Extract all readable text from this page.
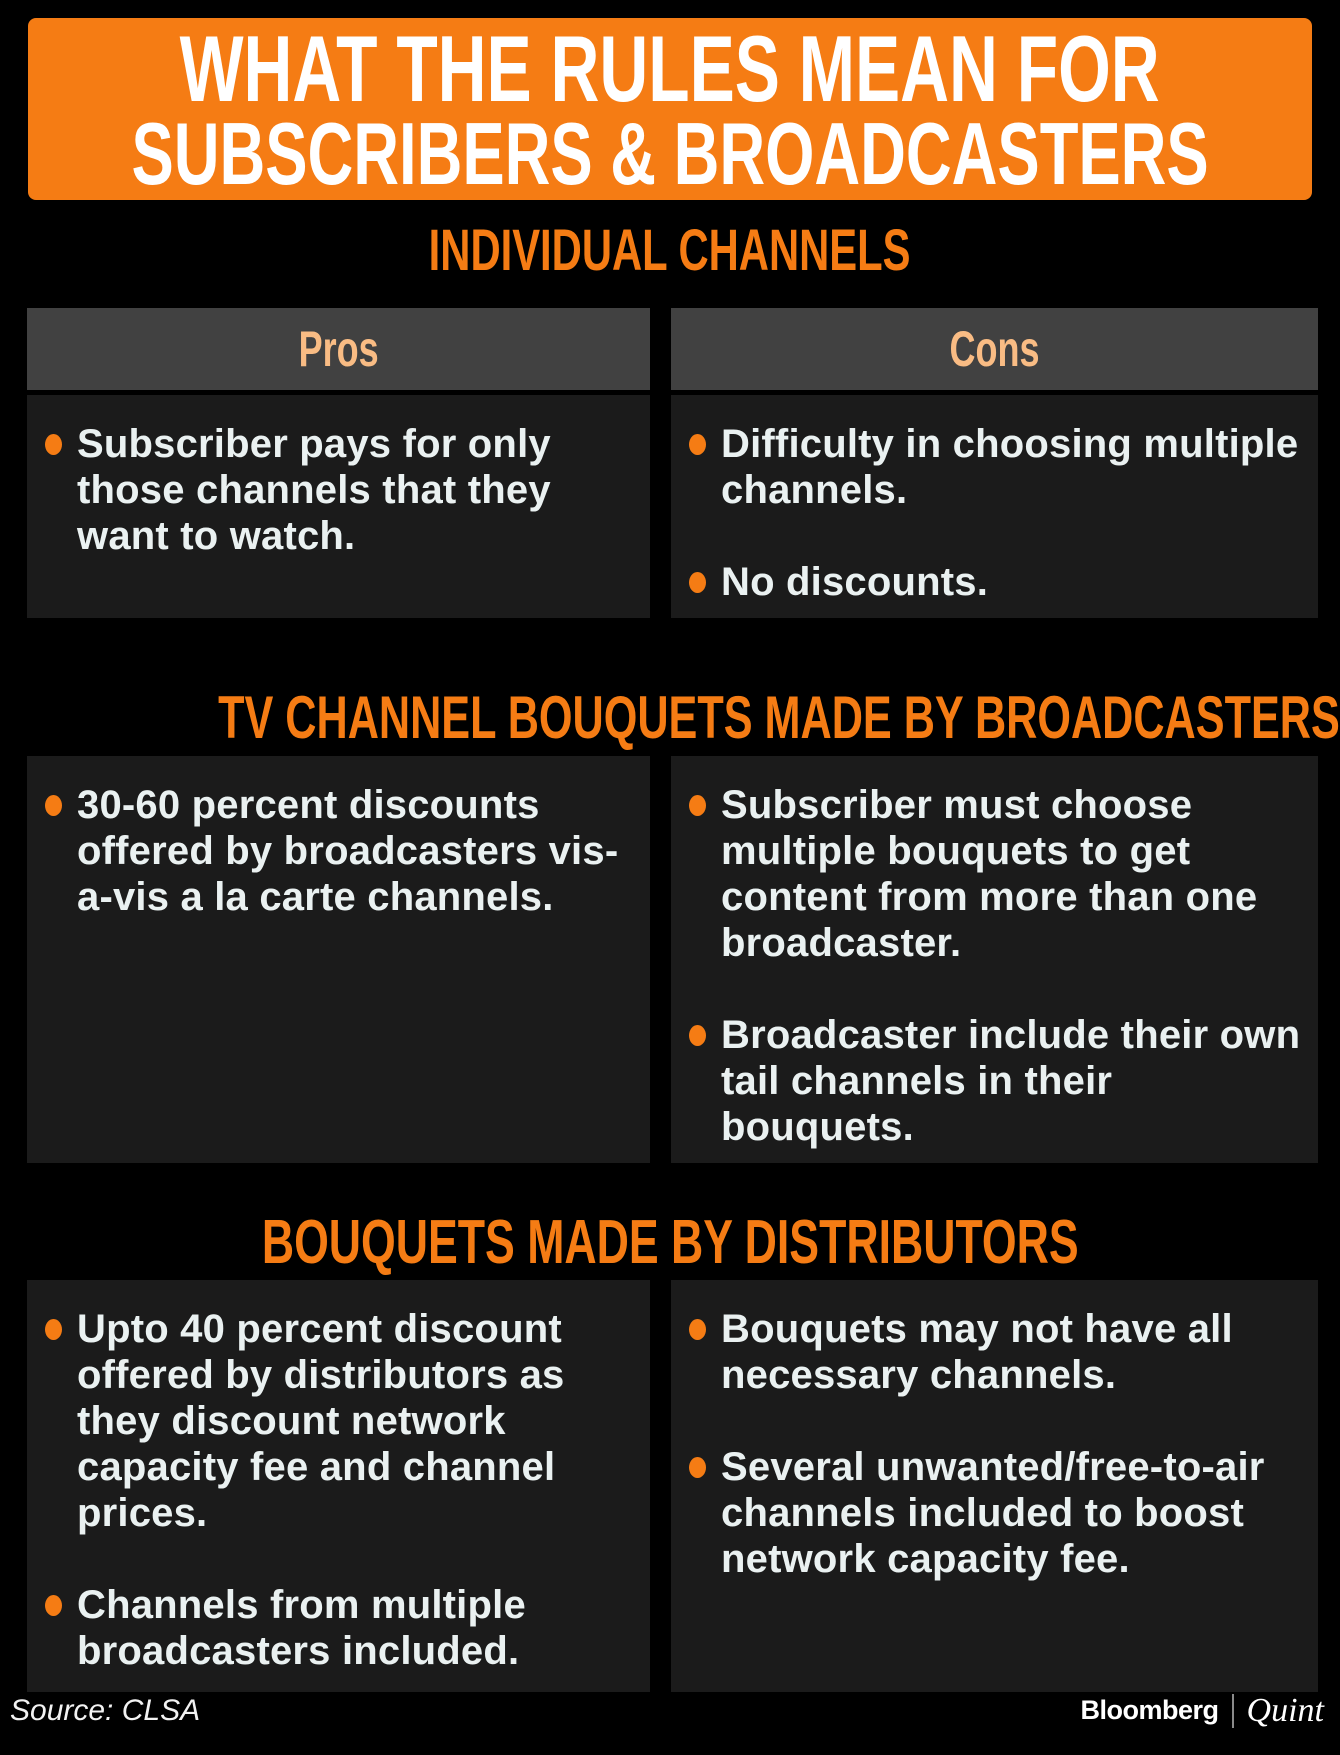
WHAT THE RULES MEAN FOR
SUBSCRIBERS & BROADCASTERS
INDIVIDUAL CHANNELS
Pros	Cons
Subscriber pays for only those channels that they want to watch.
Difficulty in choosing multiple channels.
No discounts.
TV CHANNEL BOUQUETS MADE BY BROADCASTERS
30-60 percent discounts offered by broadcasters vis-a-vis a la carte channels.
Subscriber must choose multiple bouquets to get content from more than one broadcaster.
Broadcaster include their own tail channels in their bouquets.
BOUQUETS MADE BY DISTRIBUTORS
Upto 40 percent discount offered by distributors as they discount network capacity fee and channel prices.
Channels from multiple broadcasters included.
Bouquets may not have all necessary channels.
Several unwanted/free-to-air channels included to boost network capacity fee.
Source: CLSA	Bloomberg Quint
